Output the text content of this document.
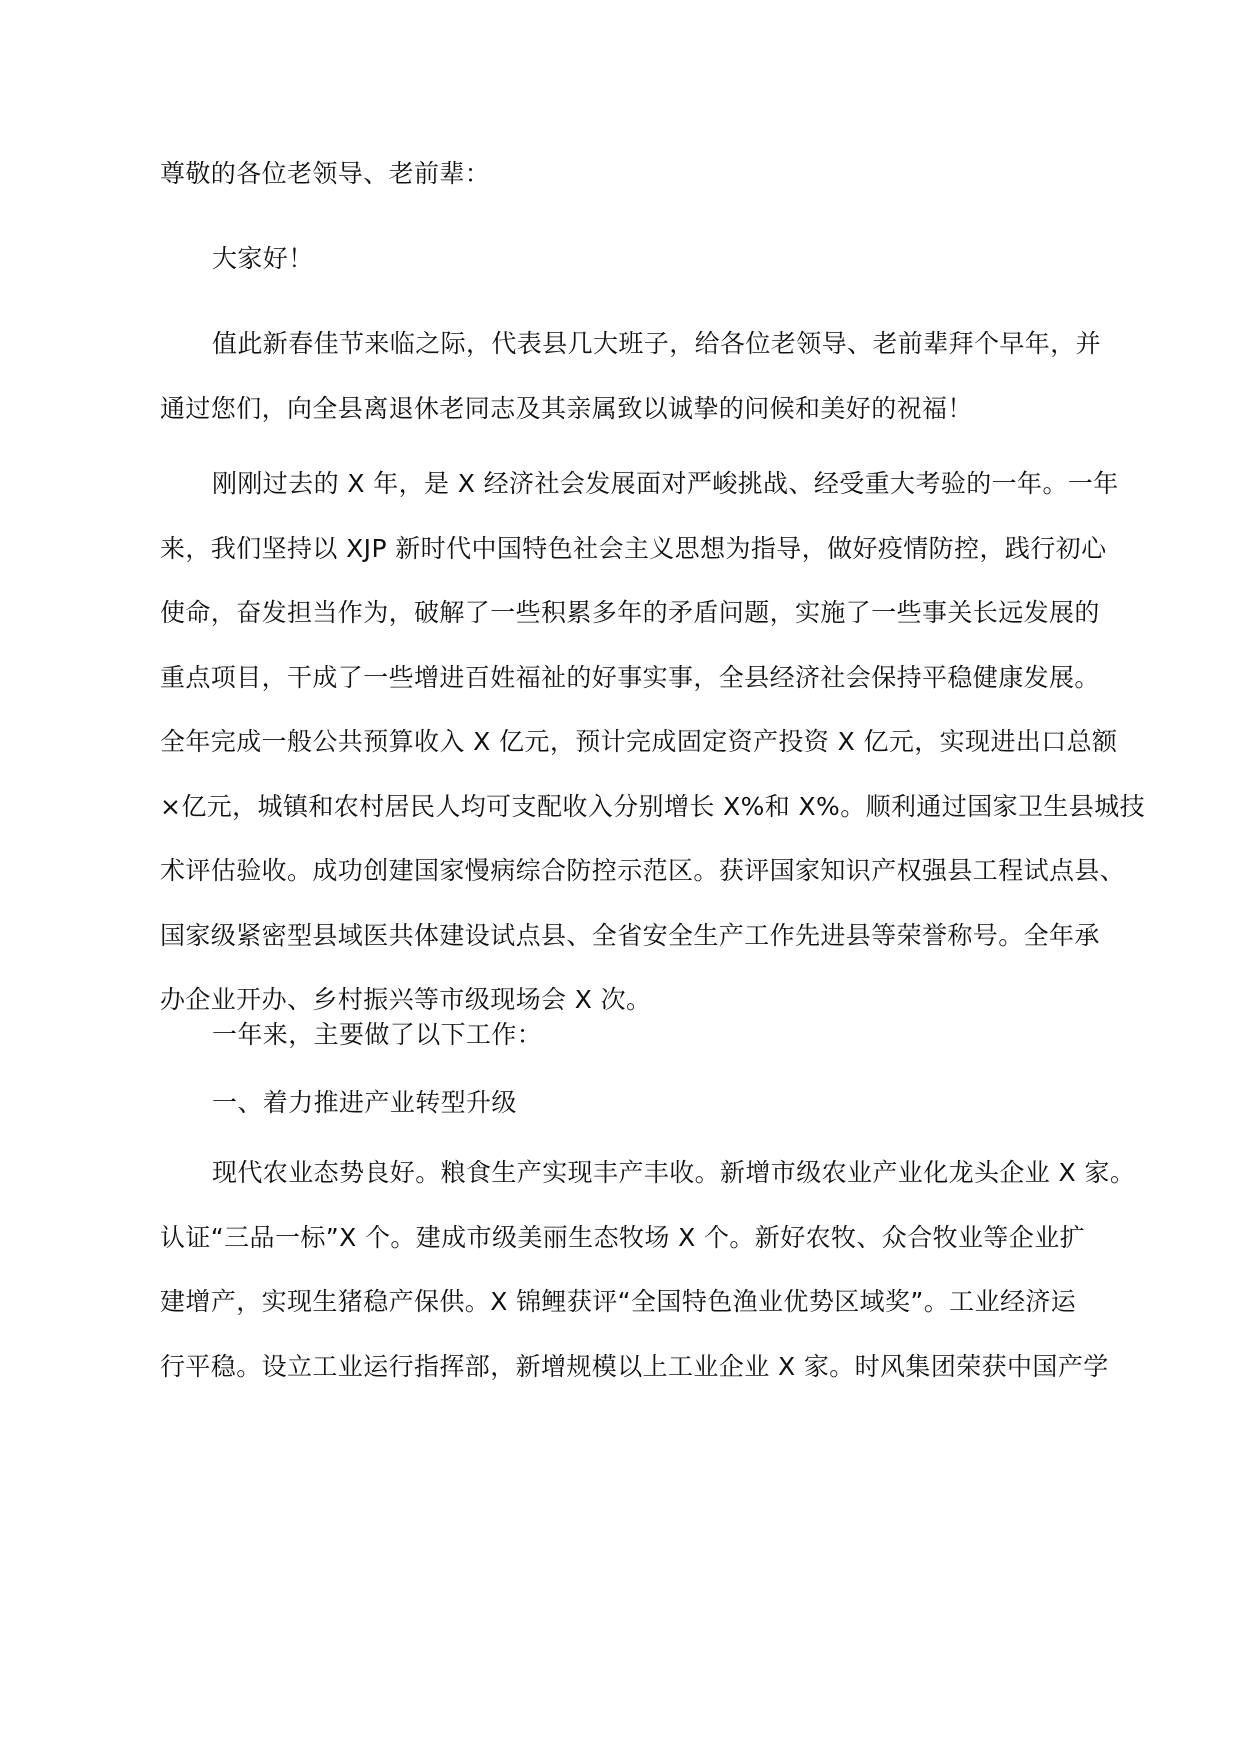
尊敬的各位老领导、老前辈：

大家好！

值此新春佳节来临之际，代表县几大班子，给各位老领导、老前辈拜个早年，并
通过您们，向全县离退休老同志及其亲属致以诚挚的问候和美好的祝福！

刚刚过去的 X 年，是 X 经济社会发展面对严峻挑战、经受重大考验的一年。一年
来，我们坚持以 XJP 新时代中国特色社会主义思想为指导，做好疫情防控，践行初心
使命，奋发担当作为，破解了一些积累多年的矛盾问题，实施了一些事关长远发展的
重点项目，干成了一些增进百姓福祉的好事实事，全县经济社会保持平稳健康发展。
全年完成一般公共预算收入 X 亿元，预计完成固定资产投资 X 亿元，实现进出口总额
×亿元，城镇和农村居民人均可支配收入分别增长 X%和 X%。顺利通过国家卫生县城技
术评估验收。成功创建国家慢病综合防控示范区。获评国家知识产权强县工程试点县、
国家级紧密型县域医共体建设试点县、全省安全生产工作先进县等荣誉称号。全年承
办企业开办、乡村振兴等市级现场会 X 次。

一年来，主要做了以下工作：

一、着力推进产业转型升级

现代农业态势良好。粮食生产实现丰产丰收。新增市级农业产业化龙头企业 X 家。
认证“三品一标”X 个。建成市级美丽生态牧场 X 个。新好农牧、众合牧业等企业扩
建增产，实现生猪稳产保供。X 锦鲤获评“全国特色渔业优势区域奖”。工业经济运
行平稳。设立工业运行指挥部，新增规模以上工业企业 X 家。时风集团荣获中国产学
